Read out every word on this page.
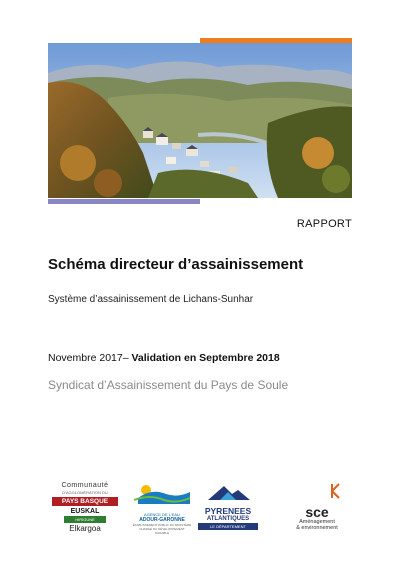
RAPPORT
Schéma directeur d’assainissement
Système d’assainissement de Lichans-Sunhar
Novembre 2017– Validation en Septembre 2018
Syndicat d’Assainissement du Pays de Soule
Communauté
D'AGGLOMÉRATION DU
PAYS BASQUE
EUSKAL
HIRIGUNE
Elkargoa
AGENCE DE L'EAU
ADOUR-GARONNE
ÉTABLISSEMENT PUBLIC DU MINISTÈRE CHARGÉ DU DÉVELOPPEMENT DURABLE
PYRENEES
ATLANTIQUES
LE DÉPARTEMENT
sce
Aménagement
& environnement
